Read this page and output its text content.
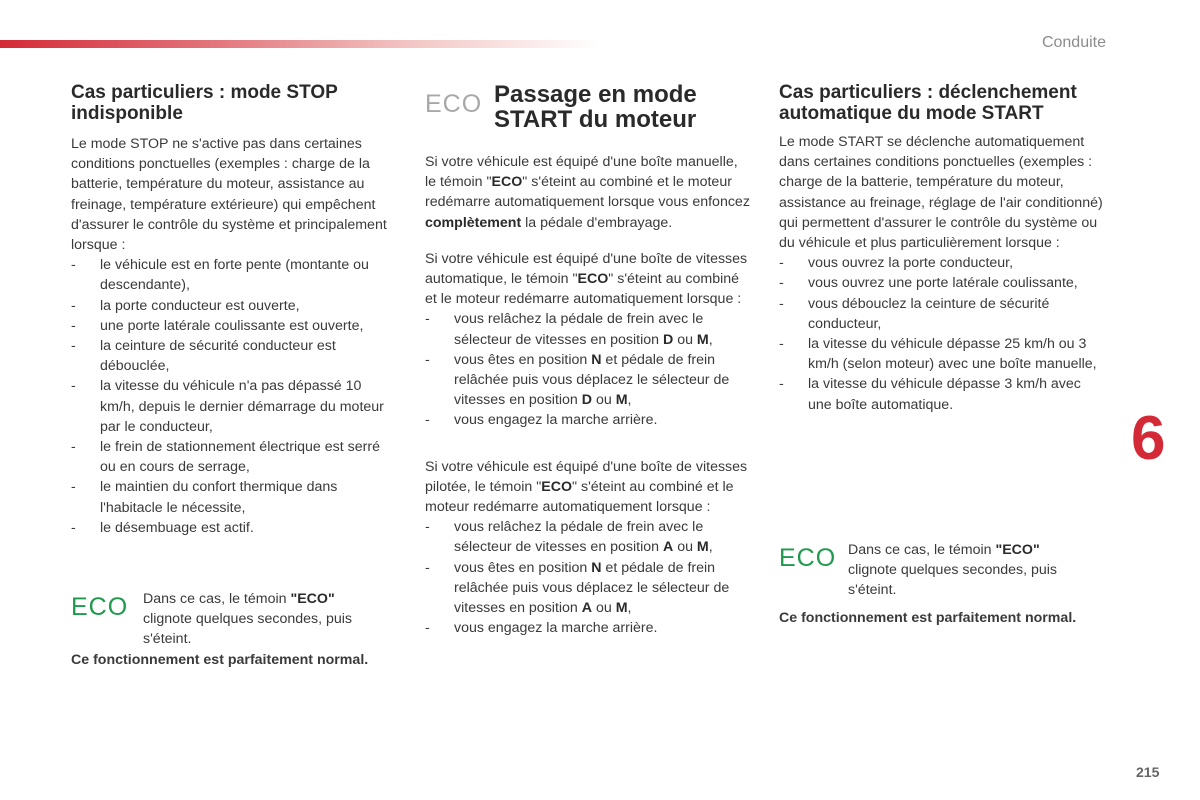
Conduite
6
215
Cas particuliers : mode STOP indisponible

Le mode STOP ne s'active pas dans certaines conditions ponctuelles (exemples : charge de la batterie, température du moteur, assistance au freinage, température extérieure) qui empêchent d'assurer le contrôle du système et principalement lorsque :

- le véhicule est en forte pente (montante ou descendante),
- la porte conducteur est ouverte,
- une porte latérale coulissante est ouverte,
- la ceinture de sécurité conducteur est débouclée,
- la vitesse du véhicule n'a pas dépassé 10 km/h, depuis le dernier démarrage du moteur par le conducteur,
- le frein de stationnement électrique est serré ou en cours de serrage,
- le maintien du confort thermique dans l'habitacle le nécessite,
- le désembuage est actif.
ECO	Dans ce cas, le témoin "ECO" clignote quelques secondes, puis s'éteint.
Ce fonctionnement est parfaitement normal.
ECO Passage en mode START du moteur

Si votre véhicule est équipé d'une boîte manuelle, le témoin "ECO" s'éteint au combiné et le moteur redémarre automatiquement lorsque vous enfoncez complètement la pédale d'embrayage.

Si votre véhicule est équipé d'une boîte de vitesses automatique, le témoin "ECO" s'éteint au combiné et le moteur redémarre automatiquement lorsque :

- vous relâchez la pédale de frein avec le sélecteur de vitesses en position D ou M,
- vous êtes en position N et pédale de frein relâchée puis vous déplacez le sélecteur de vitesses en position D ou M,
- vous engagez la marche arrière.

Si votre véhicule est équipé d'une boîte de vitesses pilotée, le témoin "ECO" s'éteint au combiné et le moteur redémarre automatiquement lorsque :

- vous relâchez la pédale de frein avec le sélecteur de vitesses en position A ou M,
- vous êtes en position N et pédale de frein relâchée puis vous déplacez le sélecteur de vitesses en position A ou M,
- vous engagez la marche arrière.
Cas particuliers : déclenchement automatique du mode START

Le mode START se déclenche automatiquement dans certaines conditions ponctuelles (exemples : charge de la batterie, température du moteur, assistance au freinage, réglage de l'air conditionné) qui permettent d'assurer le contrôle du système ou du véhicule et plus particulièrement lorsque :

- vous ouvrez la porte conducteur,
- vous ouvrez une porte latérale coulissante,
- vous débouclez la ceinture de sécurité conducteur,
- la vitesse du véhicule dépasse 25 km/h ou 3 km/h (selon moteur) avec une boîte manuelle,
- la vitesse du véhicule dépasse 3 km/h avec une boîte automatique.
ECO Dans ce cas, le témoin "ECO" clignote quelques secondes, puis s'éteint.
Ce fonctionnement est parfaitement normal.
